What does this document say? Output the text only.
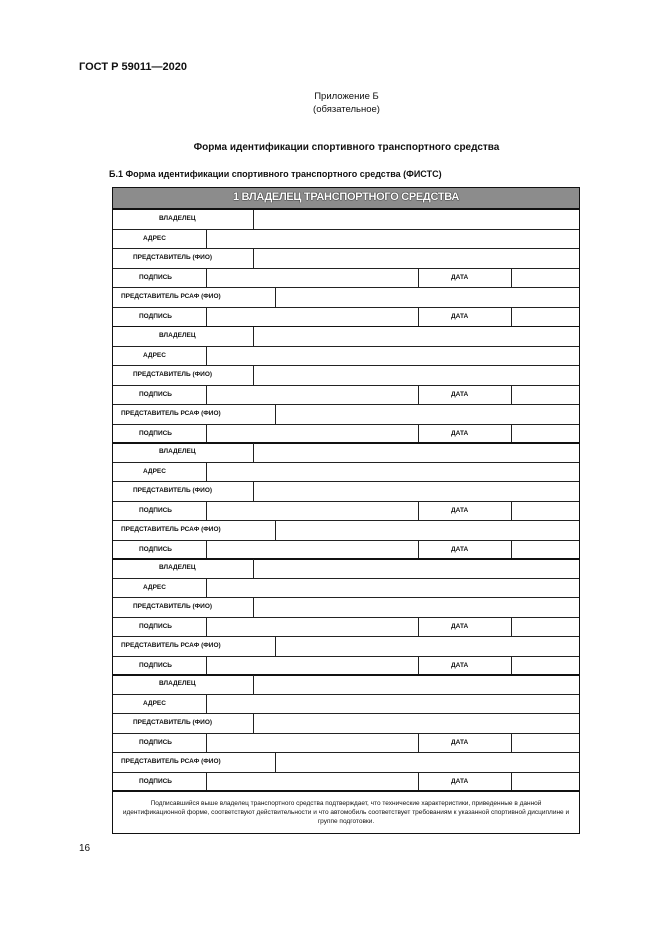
ГОСТ Р 59011—2020
Приложение Б
(обязательное)
Форма идентификации спортивного транспортного средства
Б.1 Форма идентификации спортивного транспортного средства (ФИСТС)
1 ВЛАДЕЛЕЦ ТРАНСПОРТНОГО СРЕДСТВА
ВЛАДЕЛЕЦ
АДРЕС
ПРЕДСТАВИТЕЛЬ (ФИО)
ПОДПИСЬ	ДАТА
ПРЕДСТАВИТЕЛЬ РСАФ (ФИО)
ПОДПИСЬ	ДАТА
ВЛАДЕЛЕЦ
АДРЕС
ПРЕДСТАВИТЕЛЬ (ФИО)
ПОДПИСЬ	ДАТА
ПРЕДСТАВИТЕЛЬ РСАФ (ФИО)
ПОДПИСЬ	ДАТА
ВЛАДЕЛЕЦ
АДРЕС
ПРЕДСТАВИТЕЛЬ (ФИО)
ПОДПИСЬ	ДАТА
ПРЕДСТАВИТЕЛЬ РСАФ (ФИО)
ПОДПИСЬ	ДАТА
ВЛАДЕЛЕЦ
АДРЕС
ПРЕДСТАВИТЕЛЬ (ФИО)
ПОДПИСЬ	ДАТА
ПРЕДСТАВИТЕЛЬ РСАФ (ФИО)
ПОДПИСЬ	ДАТА
ВЛАДЕЛЕЦ
АДРЕС
ПРЕДСТАВИТЕЛЬ (ФИО)
ПОДПИСЬ	ДАТА
ПРЕДСТАВИТЕЛЬ РСАФ (ФИО)
ПОДПИСЬ	ДАТА
Подписавшийся выше владелец транспортного средства подтверждает, что технические характеристики, приведенные в данной идентификационной форме, соответствуют действительности и что автомобиль соответствует требованиям к указанной спортивной дисциплине и группе подготовки.
16
